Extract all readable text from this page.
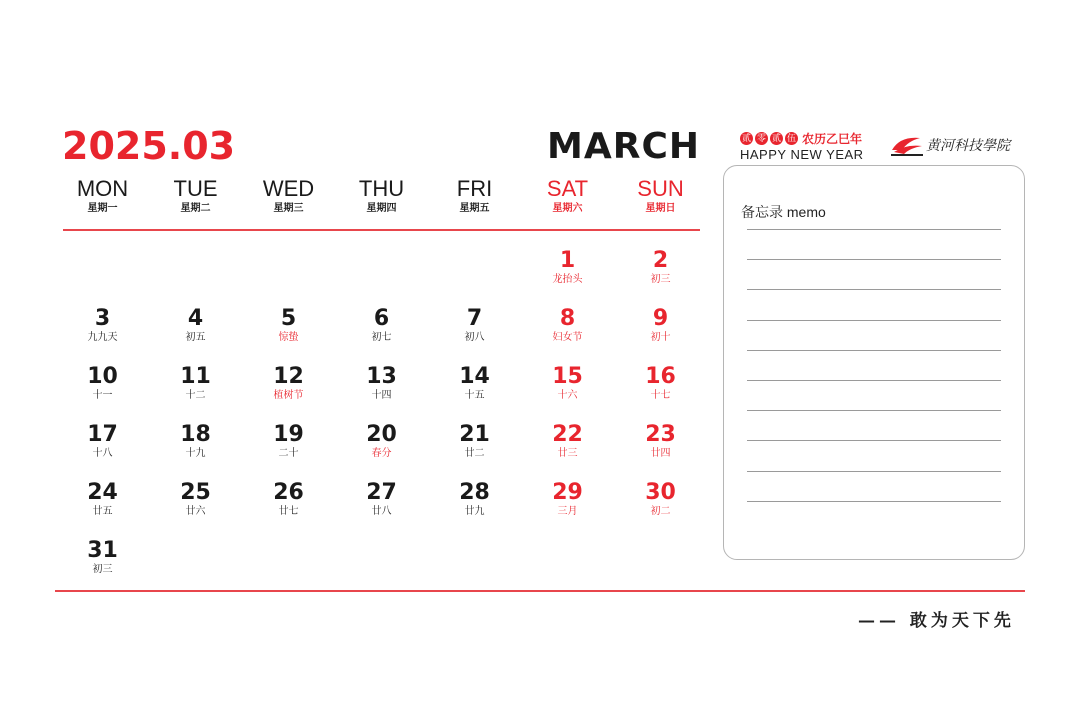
2025.03	MARCH	贰 零 贰 伍 农历乙巳年
HAPPY NEW YEAR
黄河科技學院
MON
星期一
TUE
星期二
WED
星期三
THU
星期四
FRI
星期五
SAT
星期六
SUN
星期日
1
龙抬头
2
初三
3
九九天
4
初五
5
惊蛰
6
初七
7
初八
8
妇女节
9
初十
10
十一
11
十二
12
植树节
13
十四
14
十五
15
十六
16
十七
17
十八
18
十九
19
二十
20
春分
21
廿二
22
廿三
23
廿四
24
廿五
25
廿六
26
廿七
27
廿八
28
廿九
29
三月
30
初二
31
初三
备忘录 memo
—— 敢为天下先
